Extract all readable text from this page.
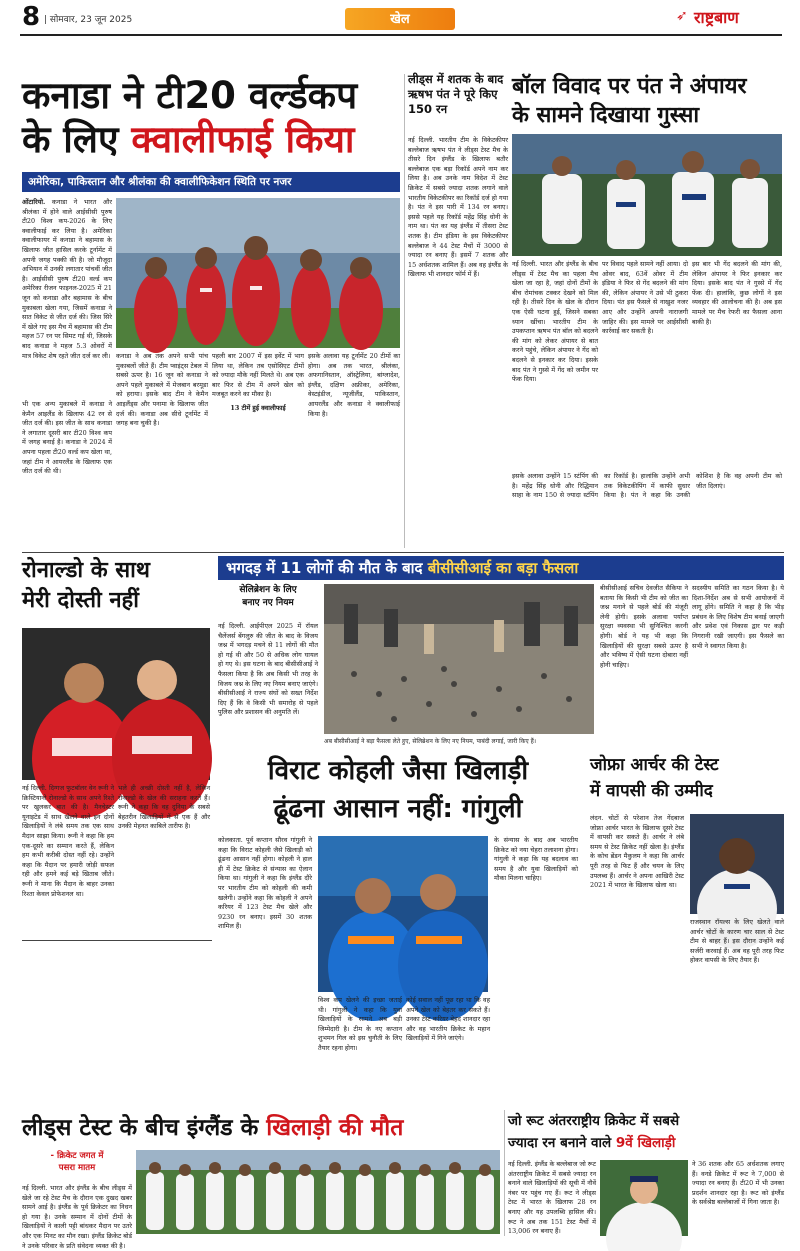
8 | सोमवार, 23 जून 2025	खेल	➶ राष्ट्रबाण
कनाडा ने टी20 वर्ल्डकप
के लिए क्वालीफाई किया
अमेरिका, पाकिस्तान और श्रीलंका की क्वालीफिकेशन स्थिति पर नजर
ओंटारियो. कनाडा ने भारत और श्रीलंका में होने वाले आईसीसी पुरुष टी20 विश्व कप-2026 के लिए क्वालीफाई कर लिया है। अमेरिका क्वालीफायर में कनाडा ने बहामास के खिलाफ जीत हासिल करके टूर्नामेंट में अपनी जगह पक्की की है। जो मौजूदा अभियान में उनकी लगातार पांचवीं जीत है। आईसीसी पुरुष टी20 वर्ल्ड कप अमेरिका रीजन फाइनल-2025 में 21 जून को कनाडा और बहामास के बीच मुकाबला खेला गया, जिसमें कनाडा ने सात विकेट से जीत दर्ज की। जिस सिरे में खेले गए इस मैच में बहामास की टीम महज 57 रन पर सिमट गई थी, जिसके बाद कनाडा ने महज 5.3 ओवरों में मात्र विकेट शेष रहते जीत दर्ज कर ली। कनाडा ने अब तक अपने सभी पांच मुकाबलों जीते हैं। टीम प्वाइंट्स टेबल में सबसे ऊपर है। 16 जून को कनाडा ने अपने पहले मुकाबले में मेजबान बरमूडा को हराया। इसके बाद टीम ने केमैन आइलैंड्स और पनामा के खिलाफ जीत दर्ज की। कनाडा अब सीधे टूर्नामेंट में जगह बना चुकी है।
भी एक अन्य मुकाबले में कनाडा ने केमैन आइलैंड के खिलाफ 42 रन से जीत दर्ज की। इस जीत के साथ कनाडा ने लगातार दूसरी बार टी20 विश्व कप में जगह बनाई है। कनाडा ने 2024 में अपना पहला टी20 वर्ल्ड कप खेला था, जहां टीम ने आयरलैंड के खिलाफ एक जीत दर्ज की थी।
पहली बार 2007 में इस इवेंट में भाग लिया था, लेकिन तब एसोसिएट टीमों को ज्यादा मौके नहीं मिलते थे। अब एक बार फिर से टीम में अपने खेल को मजबूत करने का मौका है।
13 टीमें हुई क्वालीफाई
इसके अलावा यह टूर्नामेंट 20 टीमों का होगा। अब तक भारत, श्रीलंका, अफगानिस्तान, ऑस्ट्रेलिया, बांग्लादेश, इंग्लैंड, दक्षिण अफ्रीका, अमेरिका, वेस्टइंडीज, न्यूजीलैंड, पाकिस्तान, आयरलैंड और कनाडा ने क्वालीफाई किया है।
लीड्स में शतक के बाद ऋषभ पंत ने पूरे किए 150 रन
नई दिल्ली. भारतीय टीम के विकेटकीपर बल्लेबाज ऋषभ पंत ने लीड्स टेस्ट मैच के तीसरे दिन इंग्लैंड के खिलाफ बतौर बल्लेबाज एक बड़ा रिकॉर्ड अपने नाम कर लिया है। अब उनके नाम विदेश में टेस्ट क्रिकेट में सबसे ज्यादा शतक लगाने वाले भारतीय विकेटकीपर का रिकॉर्ड दर्ज हो गया है। पंत ने इस पारी में 134 रन बनाए। इससे पहले यह रिकॉर्ड महेंद्र सिंह धोनी के नाम था। पंत का यह इंग्लैंड में तीसरा टेस्ट शतक है। टीम इंडिया के इस विकेटकीपर बल्लेबाज ने 44 टेस्ट मैचों में 3000 से ज्यादा रन बनाए हैं। इसमें 7 शतक और 15 अर्धशतक शामिल हैं। अब वह इंग्लैंड के खिलाफ भी शानदार फॉर्म में हैं।
बॉल विवाद पर पंत ने अंपायर
के सामने दिखाया गुस्सा
नई दिल्ली. भारत और इंग्लैंड के बीच लीड्स में टेस्ट मैच का पहला मैच खेला जा रहा है, जहां दोनों टीमों के बीच रोमांचक टक्कर देखने को मिल रही है। तीसरे दिन के खेल के दौरान एक ऐसी घटना हुई, जिसने सबका ध्यान खींचा। भारतीय टीम के उपकप्तान ऋषभ पंत बॉल को बदलने की मांग को लेकर अंपायर से बात करने पहुंचे, लेकिन अंपायर ने गेंद को बदलने से इनकार कर दिया। इसके बाद पंत ने गुस्से में गेंद को जमीन पर फेंक दिया।
पर विवाद पहले सामने नहीं आया। दो ओवर बाद, 63वें ओवर में टीम इंडिया ने फिर से गेंद बदलने की मांग की, लेकिन अंपायर ने उसे भी ठुकरा दिया। पंत इस फैसले से नाखुश नजर आए और उन्होंने अपनी नाराजगी जाहिर की। इस मामले पर आईसीसी कार्रवाई कर सकती है।
इस बार भी गेंद बदलने की मांग की, लेकिन अंपायर ने फिर इनकार कर दिया। इसके बाद पंत ने गुस्से में गेंद फेंक दी। हालांकि, कुछ लोगों ने इस व्यवहार की आलोचना की है। अब इस मामले पर मैच रेफरी का फैसला आना बाकी है।
इसके अलावा उन्होंने 15 स्टंपिंग की है। महेंद्र सिंह धोनी और रिद्धिमान साहा के नाम 150 से ज्यादा स्टंपिंग का रिकॉर्ड है। हालांकि उन्होंने अभी तक विकेटकीपिंग में काफी सुधार किया है। पंत ने कहा कि उनकी कोशिश है कि वह अपनी टीम को जीत दिलाएं।
रोनाल्डो के साथ
मेरी दोस्ती नहीं
नई दिल्ली. दिग्गज फुटबॉलर वेन रूनी ने क्रिस्टियानो रोनाल्डो के साथ अपने रिश्ते पर खुलकर बात की है। मैनचेस्टर यूनाइटेड में साथ खेलने वाले इन दोनों खिलाड़ियों ने लंबे समय तक एक साथ मैदान साझा किया। रूनी ने कहा कि हम एक-दूसरे का सम्मान करते हैं, लेकिन हम कभी करीबी दोस्त नहीं रहे। उन्होंने कहा कि मैदान पर हमारी जोड़ी सफल रही और हमने कई बड़े खिताब जीते। रूनी ने माना कि मैदान के बाहर उनका रिश्ता केवल प्रोफेशनल था।
भले ही अच्छी दोस्ती नहीं है, लेकिन रोनाल्डो के खेल की सराहना करते हैं। रूनी ने कहा कि वह दुनिया के सबसे बेहतरीन खिलाड़ियों में से एक हैं और उनकी मेहनत काबिले तारीफ है।
भगदड़ में 11 लोगों की मौत के बाद बीसीसीआई का बड़ा फैसला
सेलिब्रेशन के लिए
बनाए नए नियम
नई दिल्ली. आईपीएल 2025 में रॉयल चैलेंजर्स बेंगलुरु की जीत के बाद के विजय जश्न में भगदड़ मचने से 11 लोगों की मौत हो गई थी और 50 से अधिक लोग घायल हो गए थे। इस घटना के बाद बीसीसीआई ने फैसला किया है कि अब किसी भी तरह के विजय जश्न के लिए नए नियम बनाए जाएंगे। बीसीसीआई ने राज्य संघों को सख्त निर्देश दिए हैं कि वे किसी भी समारोह से पहले पुलिस और प्रशासन की अनुमति लें।
अब बीसीसीआई ने बड़ा फैसला लेते हुए, सेलिब्रेशन के लिए नए नियम, पाबंदी लगाई, जारी किए हैं।
बीसीसीआई सचिव देवजीत सैकिया ने बताया कि किसी भी टीम को जीत का जश्न मनाने से पहले बोर्ड की मंजूरी लेनी होगी। इसके अलावा पर्याप्त सुरक्षा व्यवस्था भी सुनिश्चित करनी होगी। बोर्ड ने यह भी कहा कि खिलाड़ियों की सुरक्षा सबसे ऊपर है और भविष्य में ऐसी घटना दोबारा नहीं होनी चाहिए।
सदस्यीय समिति का गठन किया है। ये दिशा-निर्देश अब से सभी आयोजनों में लागू होंगे। समिति ने कहा है कि भीड़ प्रबंधन के लिए विशेष टीम बनाई जाएगी और प्रवेश एवं निकास द्वार पर कड़ी निगरानी रखी जाएगी। इस फैसले का सभी ने स्वागत किया है।
विराट कोहली जैसा खिलाड़ी
ढूंढना आसान नहीं: गांगुली
कोलकाता. पूर्व कप्तान सौरव गांगुली ने कहा कि विराट कोहली जैसे खिलाड़ी को ढूंढना आसान नहीं होगा। कोहली ने हाल ही में टेस्ट क्रिकेट से संन्यास का ऐलान किया था। गांगुली ने कहा कि इंग्लैंड दौरे पर भारतीय टीम को कोहली की कमी खलेगी। उन्होंने कहा कि कोहली ने अपने करियर में 123 टेस्ट मैच खेले और 9230 रन बनाए। इसमें 30 शतक शामिल हैं।
विश्व कप खेलने की इच्छा जताई थी। गांगुली ने कहा कि युवा खिलाड़ियों के सामने अब बड़ी जिम्मेदारी है। टीम के नए कप्तान शुभमन गिल को इस चुनौती के लिए तैयार रहना होगा।
कोई सवाल नहीं पूछ रहा था कि वह अपने खेल को बेहतर कर सकते हैं। उनका टेस्ट करियर बेहद शानदार रहा और वह भारतीय क्रिकेट के महान खिलाड़ियों में गिने जाएंगे।
के संन्यास के बाद अब भारतीय क्रिकेट को नया चेहरा तलाशना होगा। गांगुली ने कहा कि यह बदलाव का समय है और युवा खिलाड़ियों को मौका मिलना चाहिए।
जोफ्रा आर्चर की टेस्ट
में वापसी की उम्मीद
लंदन. चोटों से परेशान तेज गेंदबाज जोफ्रा आर्चर भारत के खिलाफ दूसरे टेस्ट में वापसी कर सकते हैं। आर्चर ने लंबे समय से टेस्ट क्रिकेट नहीं खेला है। इंग्लैंड के कोच ब्रेंडन मैकुलम ने कहा कि आर्चर पूरी तरह से फिट हैं और चयन के लिए उपलब्ध हैं। आर्चर ने अपना आखिरी टेस्ट 2021 में भारत के खिलाफ खेला था।
राजस्थान रॉयल्स के लिए खेलते वाले आर्चर चोटों के कारण चार साल से टेस्ट टीम से बाहर हैं। इस दौरान उन्होंने कई सर्जरी करवाई हैं। अब वह पूरी तरह फिट होकर वापसी के लिए तैयार हैं।
लीड्स टेस्ट के बीच इंग्लैंड के खिलाड़ी की मौत
- क्रिकेट जगत में
पसरा मातम
नई दिल्ली. भारत और इंग्लैंड के बीच लीड्स में खेले जा रहे टेस्ट मैच के दौरान एक दुखद खबर सामने आई है। इंग्लैंड के पूर्व क्रिकेटर का निधन हो गया है। उनके सम्मान में दोनों टीमों के खिलाड़ियों ने काली पट्टी बांधकर मैदान पर उतरे और एक मिनट का मौन रखा। इंग्लैंड क्रिकेट बोर्ड ने उनके परिवार के प्रति संवेदना व्यक्त की है।
जो रूट अंतरराष्ट्रीय क्रिकेट में सबसे
ज्यादा रन बनाने वाले 9वें खिलाड़ी
नई दिल्ली. इंग्लैंड के बल्लेबाज जो रूट अंतरराष्ट्रीय क्रिकेट में सबसे ज्यादा रन बनाने वाले खिलाड़ियों की सूची में नौवें नंबर पर पहुंच गए हैं। रूट ने लीड्स टेस्ट में भारत के खिलाफ 28 रन बनाए और यह उपलब्धि हासिल की। रूट ने अब तक 151 टेस्ट मैचों में 13,006 रन बनाए हैं।
ने 36 शतक और 65 अर्धशतक लगाए हैं। वनडे क्रिकेट में रूट ने 7,000 से ज्यादा रन बनाए हैं। टी20 में भी उनका प्रदर्शन शानदार रहा है। रूट को इंग्लैंड के सर्वश्रेष्ठ बल्लेबाजों में गिना जाता है।
